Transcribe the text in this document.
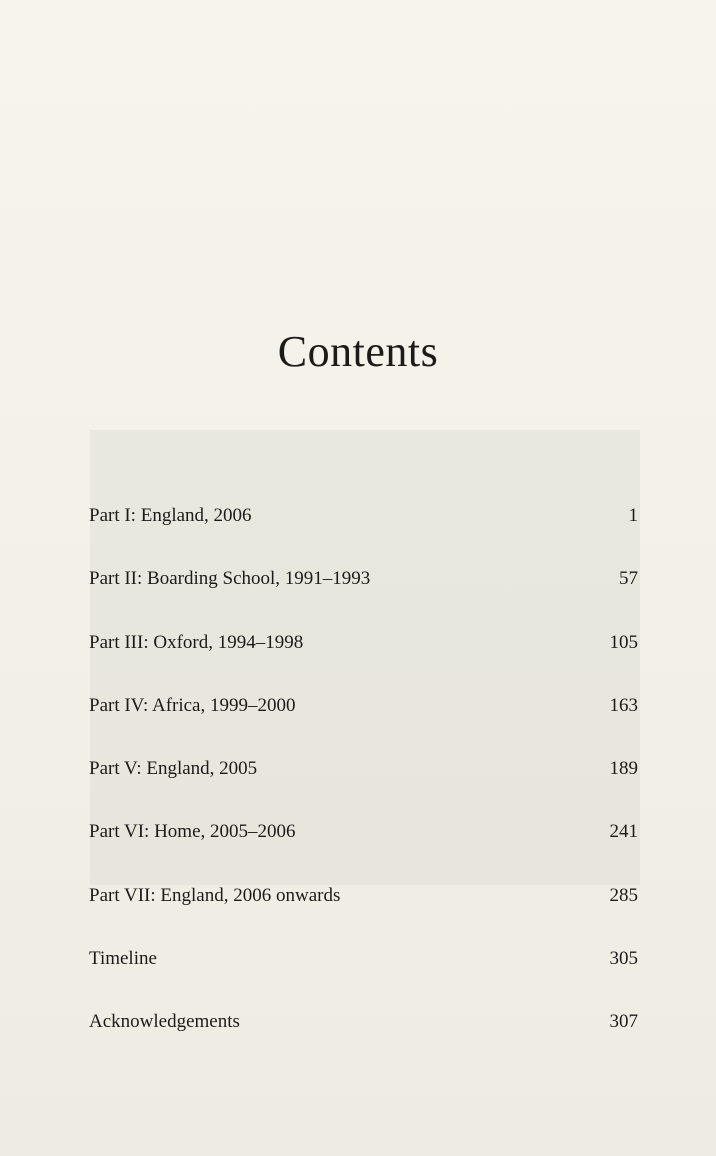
Contents
Part I: England, 2006	1
Part II: Boarding School, 1991–1993	57
Part III: Oxford, 1994–1998	105
Part IV: Africa, 1999–2000	163
Part V: England, 2005	189
Part VI: Home, 2005–2006	241
Part VII: England, 2006 onwards	285
Timeline	305
Acknowledgements	307
